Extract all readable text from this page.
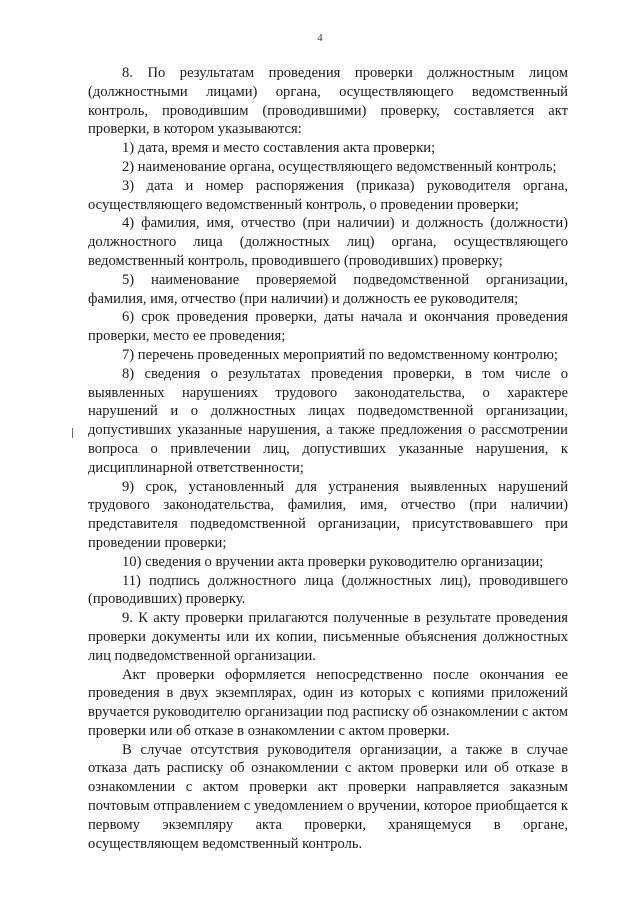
4

8. По результатам проведения проверки должностным лицом (должностными лицами) органа, осуществляющего ведомственный контроль, проводившим (проводившими) проверку, составляется акт проверки, в котором указываются:

1) дата, время и место составления акта проверки;

2) наименование органа, осуществляющего ведомственный контроль;

3) дата и номер распоряжения (приказа) руководителя органа, осуществляющего ведомственный контроль, о проведении проверки;

4) фамилия, имя, отчество (при наличии) и должность (должности) должностного лица (должностных лиц) органа, осуществляющего ведомственный контроль, проводившего (проводивших) проверку;

5) наименование проверяемой подведомственной организации, фамилия, имя, отчество (при наличии) и должность ее руководителя;

6) срок проведения проверки, даты начала и окончания проведения проверки, место ее проведения;

7) перечень проведенных мероприятий по ведомственному контролю;

8) сведения о результатах проведения проверки, в том числе о выявленных нарушениях трудового законодательства, о характере нарушений и о должностных лицах подведомственной организации, допустивших указанные нарушения, а также предложения о рассмотрении вопроса о привлечении лиц, допустивших указанные нарушения, к дисциплинарной ответственности;

9) срок, установленный для устранения выявленных нарушений трудового законодательства, фамилия, имя, отчество (при наличии) представителя подведомственной организации, присутствовавшего при проведении проверки;

10) сведения о вручении акта проверки руководителю организации;

11) подпись должностного лица (должностных лиц), проводившего (проводивших) проверку.

9. К акту проверки прилагаются полученные в результате проведения проверки документы или их копии, письменные объяснения должностных лиц подведомственной организации.

Акт проверки оформляется непосредственно после окончания ее проведения в двух экземплярах, один из которых с копиями приложений вручается руководителю организации под расписку об ознакомлении с актом проверки или об отказе в ознакомлении с актом проверки.

В случае отсутствия руководителя организации, а также в случае отказа дать расписку об ознакомлении с актом проверки или об отказе в ознакомлении с актом проверки акт проверки направляется заказным почтовым отправлением с уведомлением о вручении, которое приобщается к первому экземпляру акта проверки, хранящемуся в органе, осуществляющем ведомственный контроль.
